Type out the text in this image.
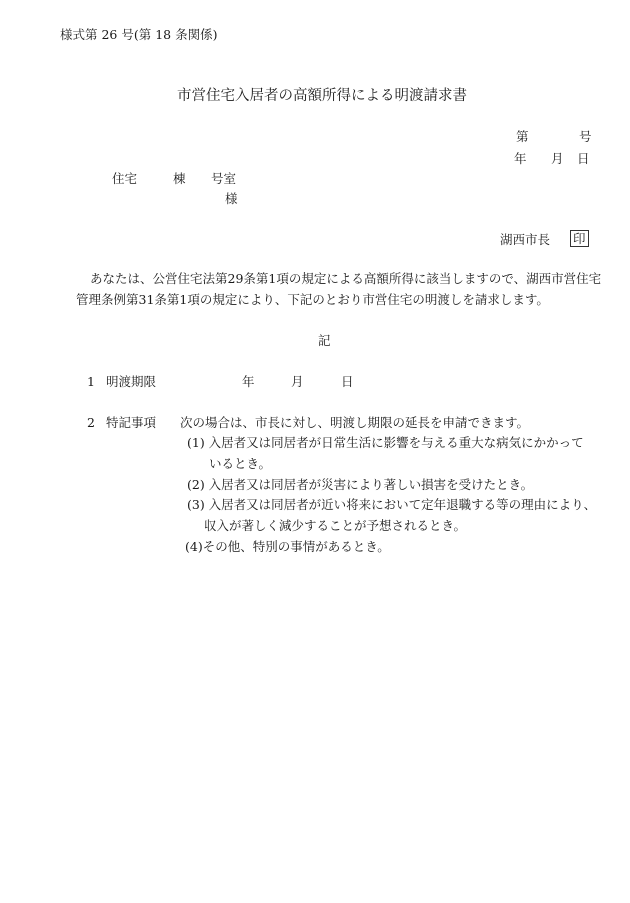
様式第 26 号(第 18 条関係)
市営住宅入居者の高額所得による明渡請求書
第	号
年 月 日
住宅	棟 号室
様
湖西市長 印
あなたは、公営住宅法第29条第1項の規定による高額所得に該当しますので、湖西市営住宅
管理条例第31条第1項の規定により、下記のとおり市営住宅の明渡しを請求します。
記
1 明渡期限	年	月	日
2 特記事項 次の場合は、市長に対し、明渡し期限の延長を申請できます。
(1) 入居者又は同居者が日常生活に影響を与える重大な病気にかかって
いるとき。
(2) 入居者又は同居者が災害により著しい損害を受けたとき。
(3) 入居者又は同居者が近い将来において定年退職する等の理由により、
収入が著しく減少することが予想されるとき。
(4)その他、特別の事情があるとき。
